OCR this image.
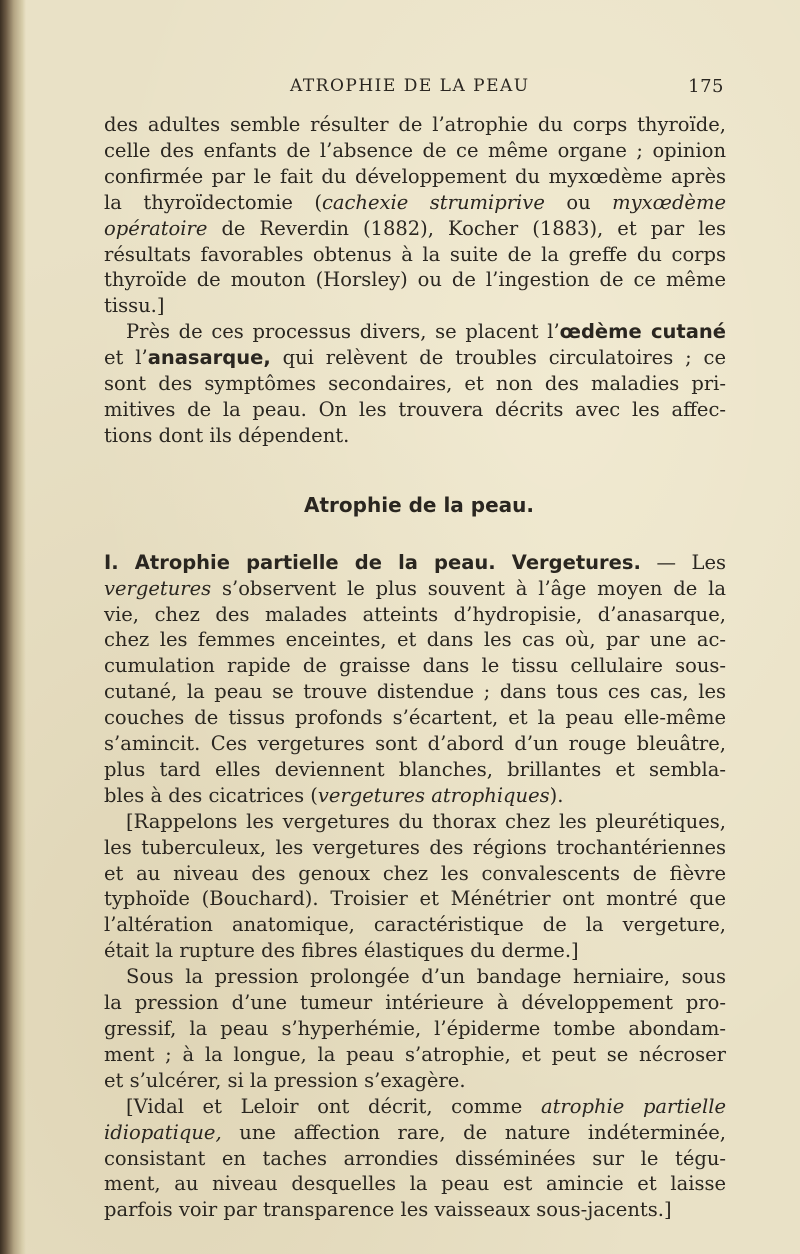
ATROPHIE DE LA PEAU	175
des adultes semble résulter de l’atrophie du corps thyroïde,
celle des enfants de l’absence de ce même organe ; opinion
confirmée par le fait du développement du myxœdème après
la thyroïdectomie (cachexie strumiprive ou myxœdème
opératoire de Reverdin (1882), Kocher (1883), et par les
résultats favorables obtenus à la suite de la greffe du corps
thyroïde de mouton (Horsley) ou de l’ingestion de ce même
tissu.]
Près de ces processus divers, se placent l’œdème cutané
et l’anasarque, qui relèvent de troubles circulatoires ; ce
sont des symptômes secondaires, et non des maladies pri-
mitives de la peau. On les trouvera décrits avec les affec-
tions dont ils dépendent.
Atrophie de la peau.
I. Atrophie partielle de la peau. Vergetures. — Les
vergetures s’observent le plus souvent à l’âge moyen de la
vie, chez des malades atteints d’hydropisie, d’anasarque,
chez les femmes enceintes, et dans les cas où, par une ac-
cumulation rapide de graisse dans le tissu cellulaire sous-
cutané, la peau se trouve distendue ; dans tous ces cas, les
couches de tissus profonds s’écartent, et la peau elle-même
s’amincit. Ces vergetures sont d’abord d’un rouge bleuâtre,
plus tard elles deviennent blanches, brillantes et sembla-
bles à des cicatrices (vergetures atrophiques).
[Rappelons les vergetures du thorax chez les pleurétiques,
les tuberculeux, les vergetures des régions trochantériennes
et au niveau des genoux chez les convalescents de fièvre
typhoïde (Bouchard). Troisier et Ménétrier ont montré que
l’altération anatomique, caractéristique de la vergeture,
était la rupture des fibres élastiques du derme.]
Sous la pression prolongée d’un bandage herniaire, sous
la pression d’une tumeur intérieure à développement pro-
gressif, la peau s’hyperhémie, l’épiderme tombe abondam-
ment ; à la longue, la peau s’atrophie, et peut se nécroser
et s’ulcérer, si la pression s’exagère.
[Vidal et Leloir ont décrit, comme atrophie partielle
idiopatique, une affection rare, de nature indéterminée,
consistant en taches arrondies disséminées sur le tégu-
ment, au niveau desquelles la peau est amincie et laisse
parfois voir par transparence les vaisseaux sous-jacents.]
